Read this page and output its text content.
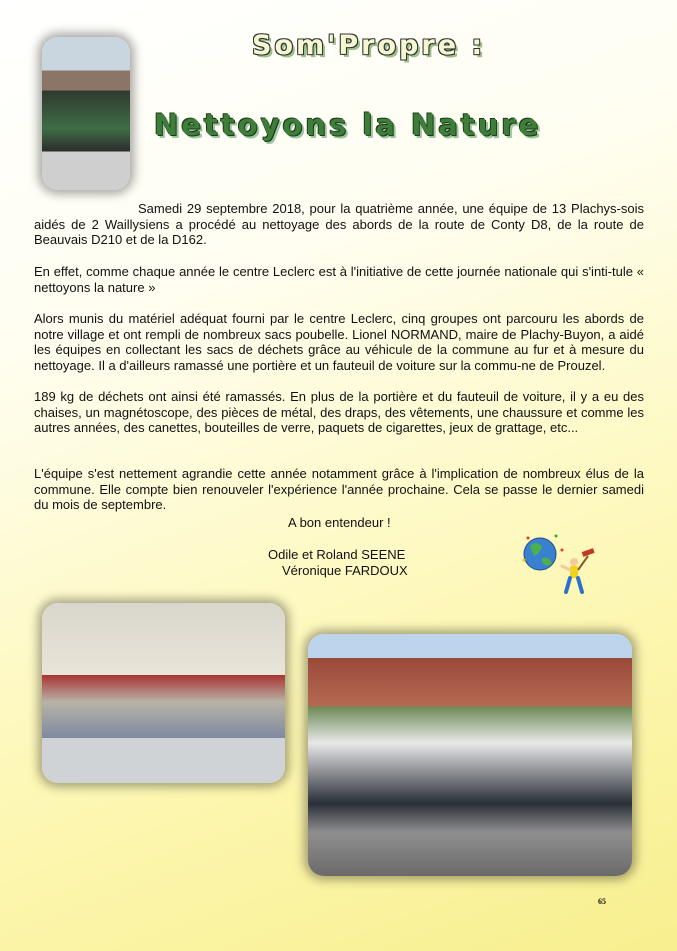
Som'Propre :
Nettoyons la Nature

Samedi 29 septembre 2018, pour la quatrième année, une équipe de 13 Plachys-sois aidés de 2 Waillysiens a procédé au nettoyage des abords de la route de Conty D8, de la route de Beauvais D210 et de la D162.

En effet, comme chaque année le centre Leclerc est à l'initiative de cette journée nationale qui s'inti-tule « nettoyons la nature »

Alors munis du matériel adéquat fourni par le centre Leclerc, cinq groupes ont parcouru les abords de notre village et ont rempli de nombreux sacs poubelle. Lionel NORMAND, maire de Plachy-Buyon, a aidé les équipes en collectant les sacs de déchets grâce au véhicule de la commune au fur et à mesure du nettoyage. Il a d'ailleurs ramassé une portière et un fauteuil de voiture sur la commu-ne de Prouzel.

189 kg de déchets ont ainsi été ramassés. En plus de la portière et du fauteuil de voiture, il y a eu des chaises, un magnétoscope, des pièces de métal, des draps, des vêtements, une chaussure et comme les autres années, des canettes, bouteilles de verre, paquets de cigarettes, jeux de grattage, etc...

L'équipe s'est nettement agrandie cette année notamment grâce à l'implication de nombreux élus de la commune. Elle compte bien renouveler l'expérience l'année prochaine. Cela se passe le dernier samedi du mois de septembre.

A bon entendeur !

Odile et Roland SEENE

Véronique FARDOUX

65
